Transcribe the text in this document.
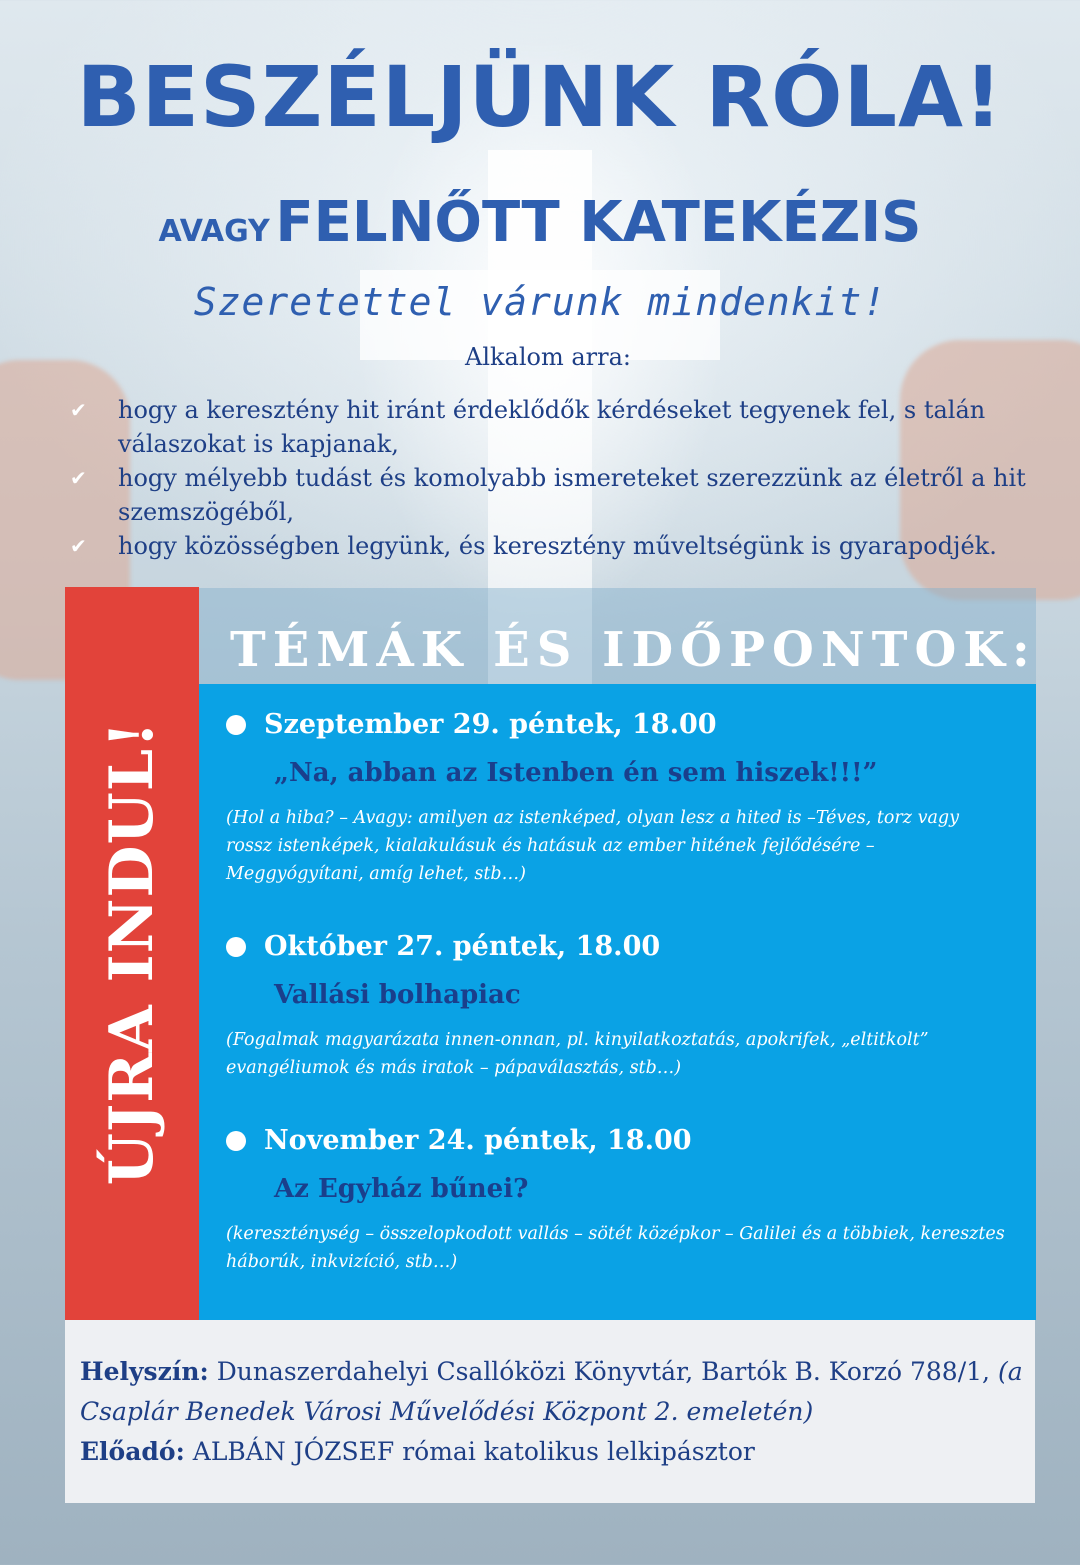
BESZÉLJÜNK RÓLA!
AVAGY FELNŐTT KATEKÉZIS
Szeretettel várunk mindenkit!
Alkalom arra:
✔ hogy a keresztény hit iránt érdeklődők kérdéseket tegyenek fel, s talán válaszokat is kapjanak,
✔ hogy mélyebb tudást és komolyabb ismereteket szerezzünk az életről a hit szemszögéből,
✔ hogy közösségben legyünk, és keresztény műveltségünk is gyarapodjék.
ÚJRA INDUL!
TÉMÁK ÉS IDŐPONTOK:
Szeptember 29. péntek, 18.00
„Na, abban az Istenben én sem hiszek!!!”
(Hol a hiba? – Avagy: amilyen az istenképed, olyan lesz a hited is –Téves, torz vagy rossz istenképek, kialakulásuk és hatásuk az ember hitének fejlődésére – Meggyógyítani, amíg lehet, stb…)
Október 27. péntek, 18.00
Vallási bolhapiac
(Fogalmak magyarázata innen-onnan, pl. kinyilatkoztatás, apokrifek, „eltitkolt” evangéliumok és más iratok – pápaválasztás, stb…)
November 24. péntek, 18.00
Az Egyház bűnei?
(kereszténység – összelopkodott vallás – sötét középkor – Galilei és a többiek, keresztes háborúk, inkvizíció, stb…)
Helyszín: Dunaszerdahelyi Csallóközi Könyvtár, Bartók B. Korzó 788/1, (a Csaplár Benedek Városi Művelődési Központ 2. emeletén)
Előadó: ALBÁN JÓZSEF római katolikus lelkipásztor
